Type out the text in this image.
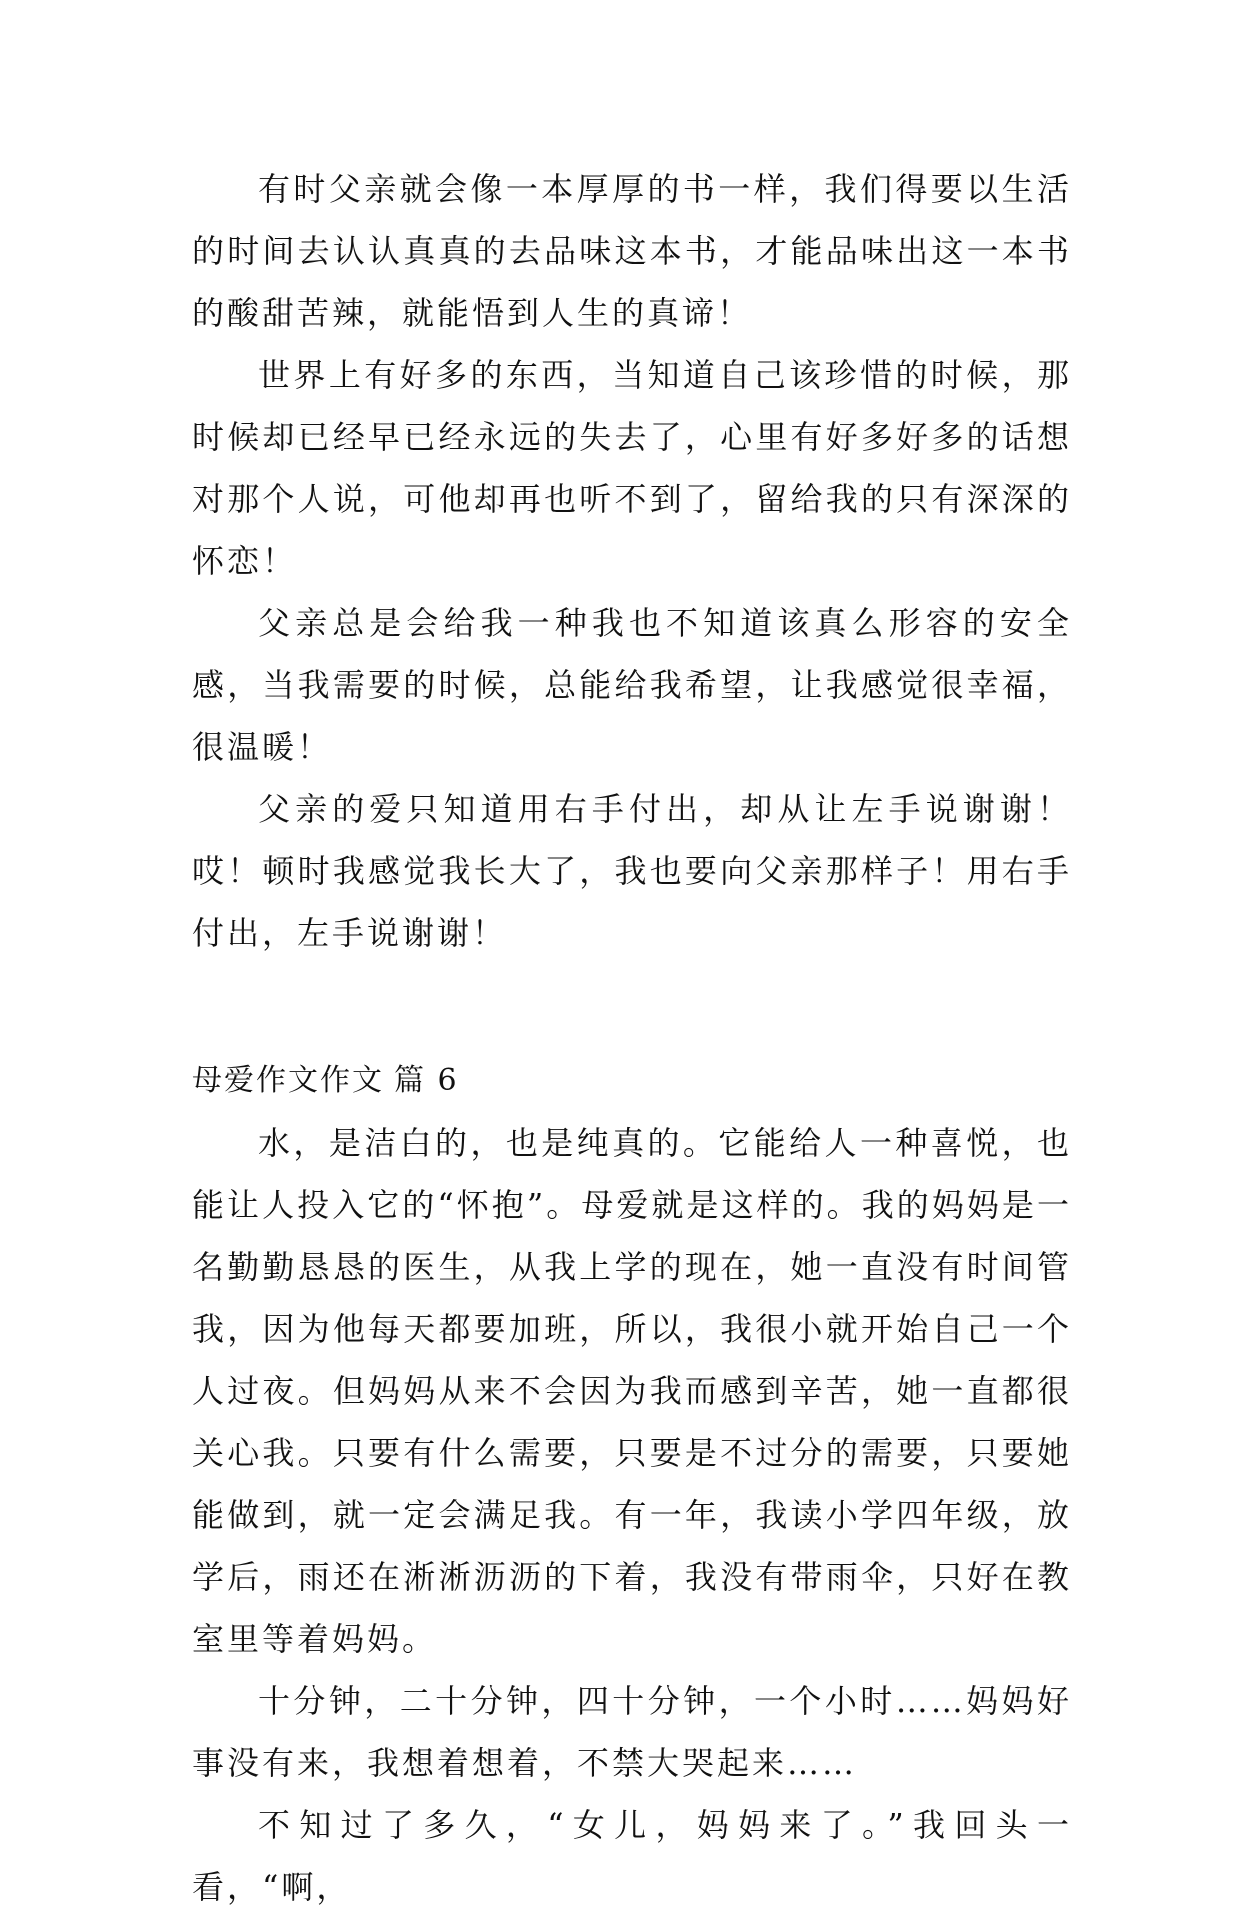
有时父亲就会像一本厚厚的书一样，我们得要以生活的时间去认认真真的去品味这本书，才能品味出这一本书的酸甜苦辣，就能悟到人生的真谛！

世界上有好多的东西，当知道自己该珍惜的时候，那时候却已经早已经永远的失去了，心里有好多好多的话想对那个人说，可他却再也听不到了，留给我的只有深深的怀恋！

父亲总是会给我一种我也不知道该真么形容的安全感，当我需要的时候，总能给我希望，让我感觉很幸福，很温暖！

父亲的爱只知道用右手付出，却从让左手说谢谢！哎！顿时我感觉我长大了，我也要向父亲那样子！用右手付出，左手说谢谢！

母爱作文作文 篇 6

水，是洁白的，也是纯真的。它能给人一种喜悦，也能让人投入它的“怀抱”。母爱就是这样的。我的妈妈是一名勤勤恳恳的医生，从我上学的现在，她一直没有时间管我，因为他每天都要加班，所以，我很小就开始自己一个人过夜。但妈妈从来不会因为我而感到辛苦，她一直都很关心我。只要有什么需要，只要是不过分的需要，只要她能做到，就一定会满足我。有一年，我读小学四年级，放学后，雨还在淅淅沥沥的下着，我没有带雨伞，只好在教室里等着妈妈。

十分钟，二十分钟，四十分钟，一个小时……妈妈好事没有来，我想着想着，不禁大哭起来……

不知过了多久，“女儿，妈妈来了。”我回头一看，“啊，
